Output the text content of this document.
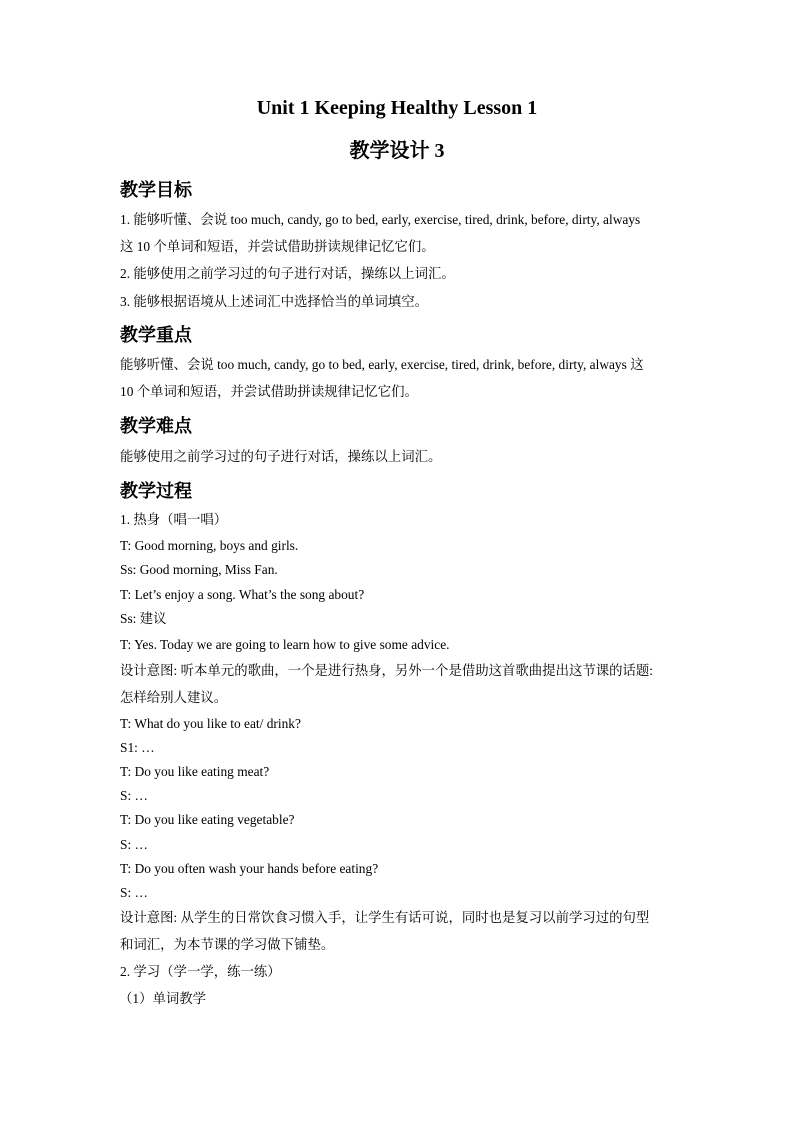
Unit 1 Keeping Healthy Lesson 1
教学设计 3
教学目标
1. 能够听懂、会说 too much, candy, go to bed, early, exercise, tired, drink, before, dirty, always
这 10 个单词和短语，并尝试借助拼读规律记忆它们。
2. 能够使用之前学习过的句子进行对话，操练以上词汇。
3. 能够根据语境从上述词汇中选择恰当的单词填空。
教学重点
能够听懂、会说 too much, candy, go to bed, early, exercise, tired, drink, before, dirty, always 这
10 个单词和短语，并尝试借助拼读规律记忆它们。
教学难点
能够使用之前学习过的句子进行对话，操练以上词汇。
教学过程
1. 热身（唱一唱）
T: Good morning, boys and girls.
Ss: Good morning, Miss Fan.
T: Let’s enjoy a song. What’s the song about?
Ss: 建议
T: Yes. Today we are going to learn how to give some advice.
设计意图: 听本单元的歌曲，一个是进行热身，另外一个是借助这首歌曲提出这节课的话题:
怎样给别人建议。
T: What do you like to eat/ drink?
S1: …
T: Do you like eating meat?
S: …
T: Do you like eating vegetable?
S: …
T: Do you often wash your hands before eating?
S: …
设计意图: 从学生的日常饮食习惯入手，让学生有话可说，同时也是复习以前学习过的句型
和词汇，为本节课的学习做下铺垫。
2. 学习（学一学，练一练）
（1）单词教学
